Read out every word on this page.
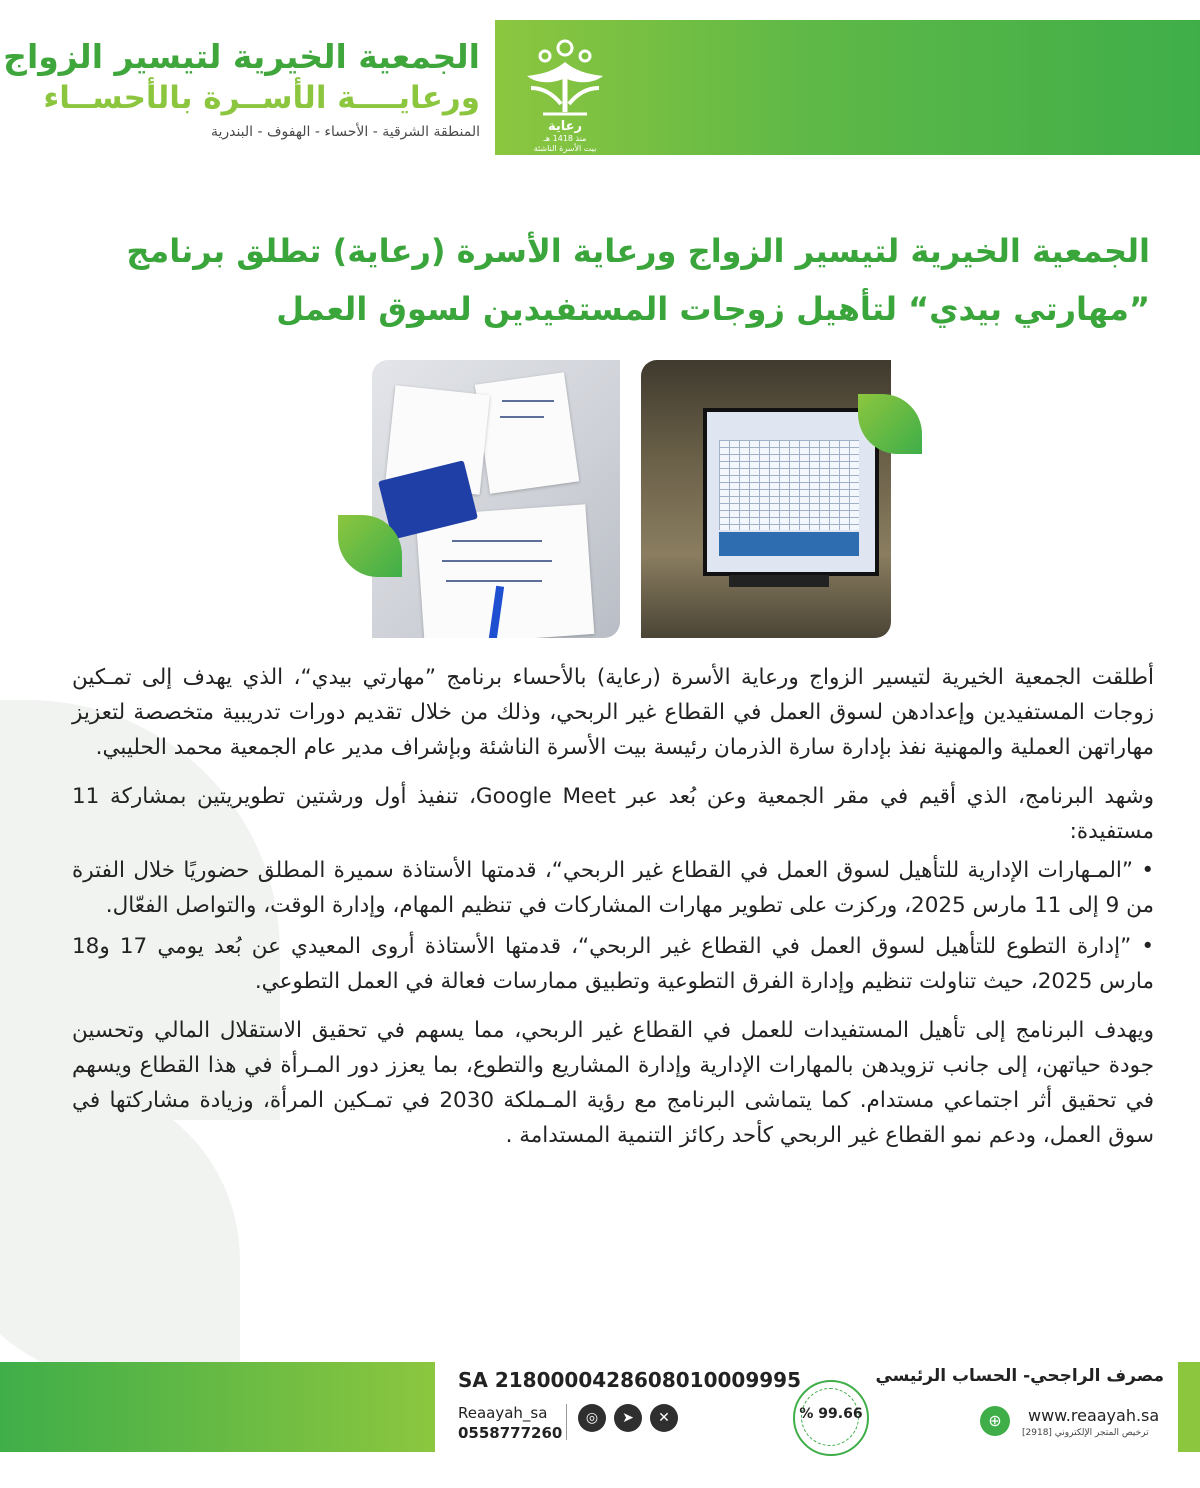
رعاية
منذ 1418 هـ
بيت الأسرة الناشئة
الجمعية الخيرية لتيسير الزواج
ورعايــــة الأســرة بالأحســاء
المنطقة الشرقية - الأحساء - الهفوف - البندرية
الجمعية الخيرية لتيسير الزواج ورعاية الأسرة (رعاية) تطلق برنامج
”مهارتي بيدي“ لتأهيل زوجات المستفيدين لسوق العمل

أطلقت الجمعية الخيرية لتيسير الزواج ورعاية الأسرة (رعاية) بالأحساء برنامج ”مهارتي بيدي“، الذي يهدف إلى تمـكين زوجات المستفيدين وإعدادهن لسوق العمل في القطاع غير الربحي، وذلك من خلال تقديم دورات تدريبية متخصصة لتعزيز مهاراتهن العملية والمهنية نفذ بإدارة سارة الذرمان رئيسة بيت الأسرة الناشئة وبإشراف مدير عام الجمعية محمد الحليبي.

وشهد البرنامج، الذي أقيم في مقر الجمعية وعن بُعد عبر Google Meet، تنفيذ أول ورشتين تطويريتين بمشاركة 11 مستفيدة:

• ”المـهارات الإدارية للتأهيل لسوق العمل في القطاع غير الربحي“، قدمتها الأستاذة سميرة المطلق حضوريًا خلال الفترة من 9 إلى 11 مارس 2025، وركزت على تطوير مهارات المشاركات في تنظيم المهام، وإدارة الوقت، والتواصل الفعّال.

• ”إدارة التطوع للتأهيل لسوق العمل في القطاع غير الربحي“، قدمتها الأستاذة أروى المعيدي عن بُعد يومي 17 و18 مارس 2025، حيث تناولت تنظيم وإدارة الفرق التطوعية وتطبيق ممارسات فعالة في العمل التطوعي.

ويهدف البرنامج إلى تأهيل المستفيدات للعمل في القطاع غير الربحي، مما يسهم في تحقيق الاستقلال المالي وتحسين جودة حياتهن، إلى جانب تزويدهن بالمهارات الإدارية وإدارة المشاريع والتطوع، بما يعزز دور المـرأة في هذا القطاع ويسهم في تحقيق أثر اجتماعي مستدام. كما يتماشى البرنامج مع رؤية المـملكة 2030 في تمـكين المرأة، وزيادة مشاركتها في سوق العمل، ودعم نمو القطاع غير الربحي كأحد ركائز التنمية المستدامة .

SA 2180000428608010009995
Reaayah_sa
0558777260
◎	➤	✕	% 99.66
مصرف الراجحي- الحساب الرئيسي
⊕	www.reaayah.sa
ترخيص المتجر الإلكتروني [2918]
